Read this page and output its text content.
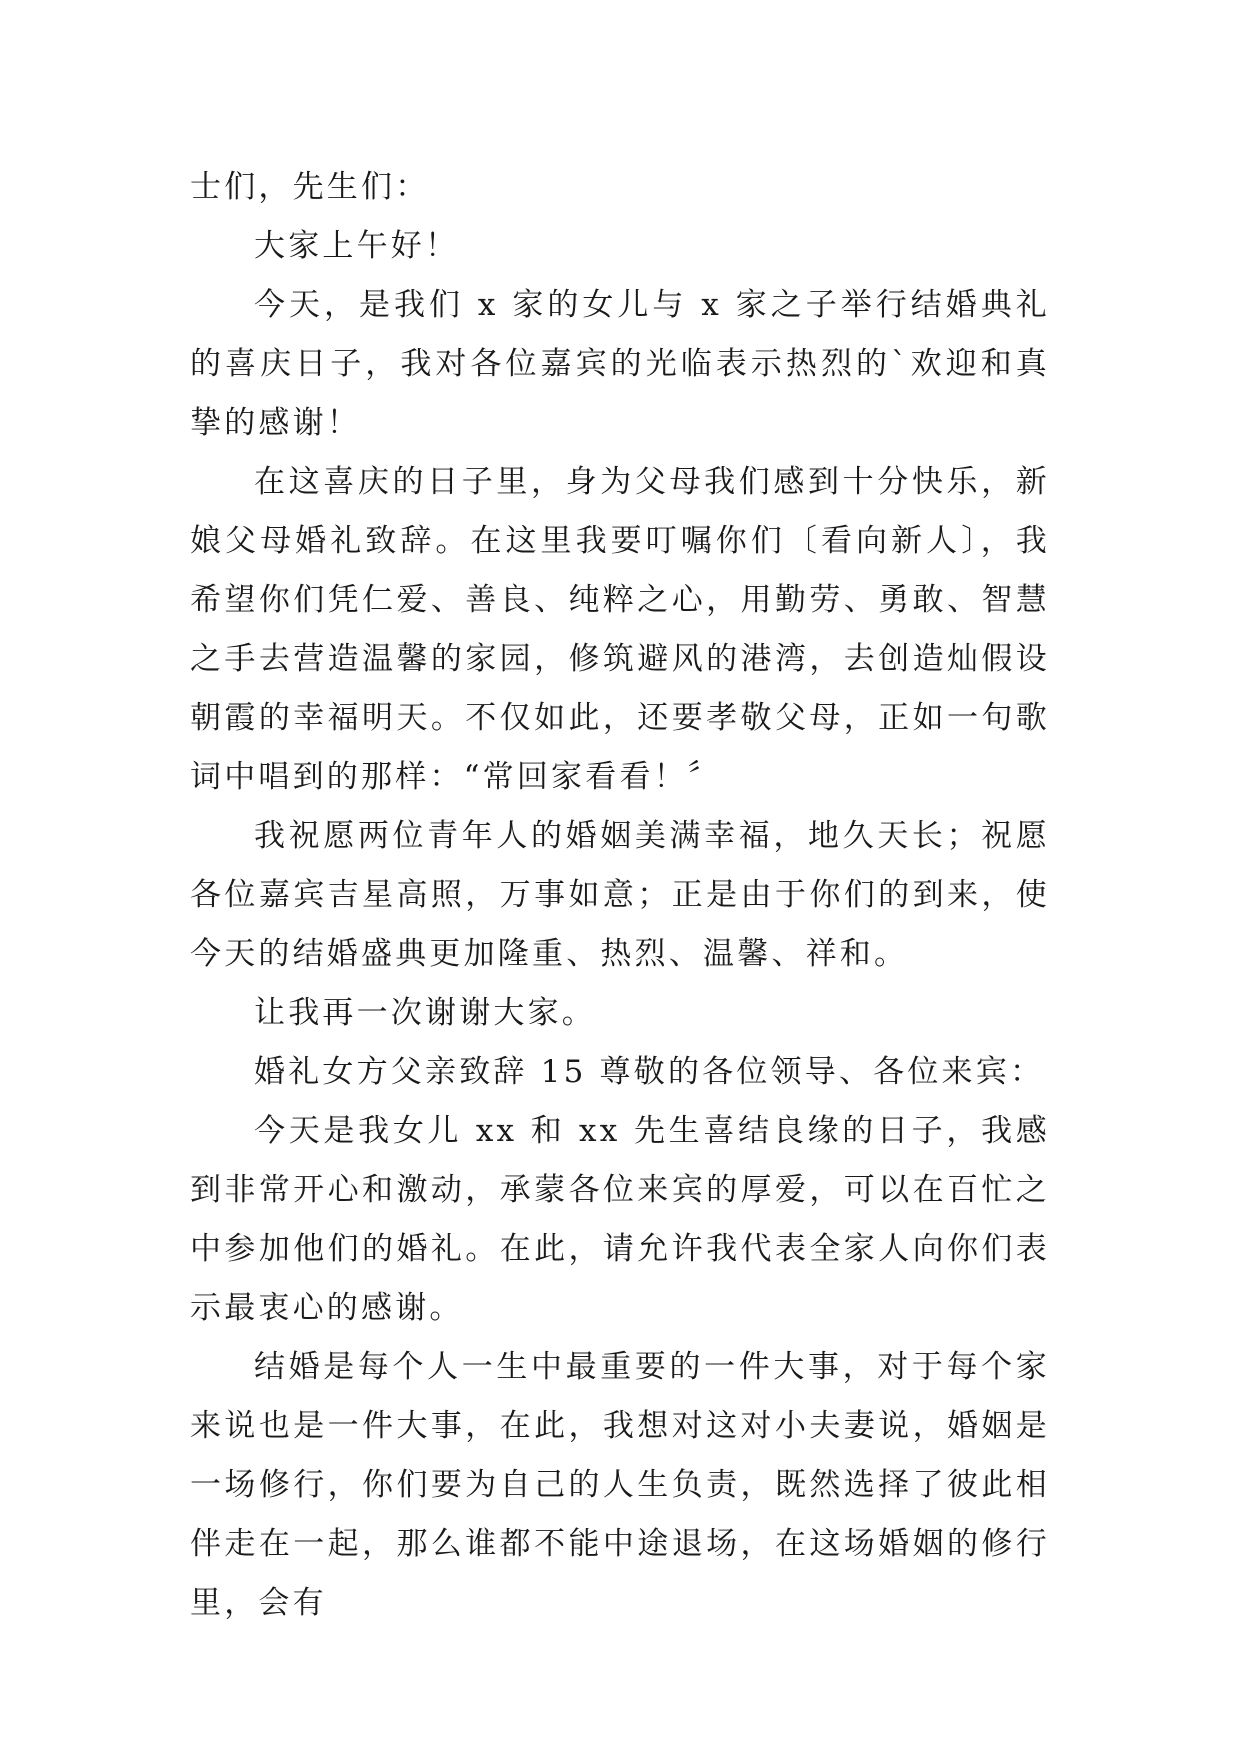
士们，先生们：

大家上午好！

今天，是我们 x 家的女儿与 x 家之子举行结婚典礼的喜庆日子，我对各位嘉宾的光临表示热烈的`欢迎和真挚的感谢！

在这喜庆的日子里，身为父母我们感到十分快乐，新娘父母婚礼致辞。在这里我要叮嘱你们〔看向新人〕，我希望你们凭仁爱、善良、纯粹之心，用勤劳、勇敢、智慧之手去营造温馨的家园，修筑避风的港湾，去创造灿假设朝霞的幸福明天。不仅如此，还要孝敬父母，正如一句歌词中唱到的那样：“常回家看看！〞

我祝愿两位青年人的婚姻美满幸福，地久天长；祝愿各位嘉宾吉星高照，万事如意；正是由于你们的到来，使今天的结婚盛典更加隆重、热烈、温馨、祥和。

让我再一次谢谢大家。

婚礼女方父亲致辞 15 尊敬的各位领导、各位来宾：

今天是我女儿 xx 和 xx 先生喜结良缘的日子，我感到非常开心和激动，承蒙各位来宾的厚爱，可以在百忙之中参加他们的婚礼。在此，请允许我代表全家人向你们表示最衷心的感谢。

结婚是每个人一生中最重要的一件大事，对于每个家来说也是一件大事，在此，我想对这对小夫妻说，婚姻是一场修行，你们要为自己的人生负责，既然选择了彼此相伴走在一起，那么谁都不能中途退场，在这场婚姻的修行里，会有
